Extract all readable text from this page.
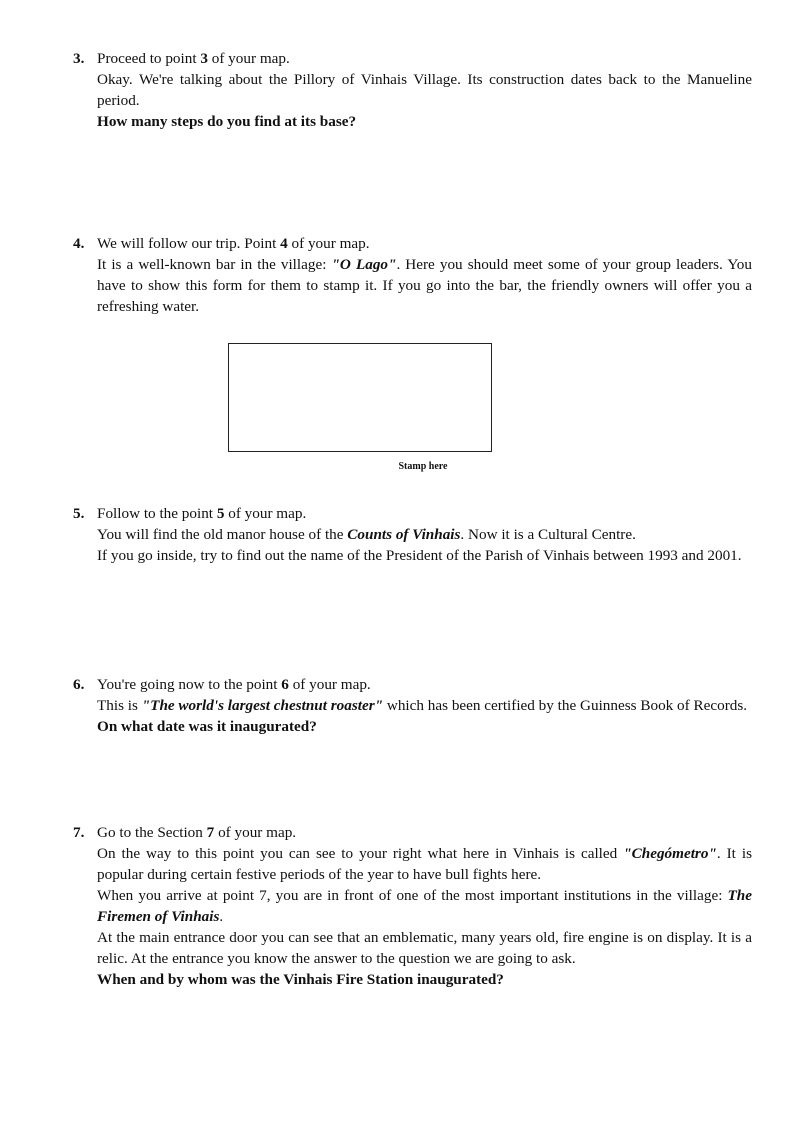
3. Proceed to point 3 of your map.
Okay. We're talking about the Pillory of Vinhais Village. Its construction dates back to the Manueline period.
How many steps do you find at its base?
4. We will follow our trip. Point 4 of your map.
It is a well-known bar in the village: "O Lago". Here you should meet some of your group leaders. You have to show this form for them to stamp it. If you go into the bar, the friendly owners will offer you a refreshing water.
Stamp here
5. Follow to the point 5 of your map.
You will find the old manor house of the Counts of Vinhais. Now it is a Cultural Centre.
If you go inside, try to find out the name of the President of the Parish of Vinhais between 1993 and 2001.
6. You're going now to the point 6 of your map.
This is "The world's largest chestnut roaster" which has been certified by the Guinness Book of Records.
On what date was it inaugurated?
7. Go to the Section 7 of your map.
On the way to this point you can see to your right what here in Vinhais is called "Chegómetro". It is popular during certain festive periods of the year to have bull fights here.
When you arrive at point 7, you are in front of one of the most important institutions in the village: The Firemen of Vinhais.
At the main entrance door you can see that an emblematic, many years old, fire engine is on display. It is a relic. At the entrance you know the answer to the question we are going to ask.
When and by whom was the Vinhais Fire Station inaugurated?
